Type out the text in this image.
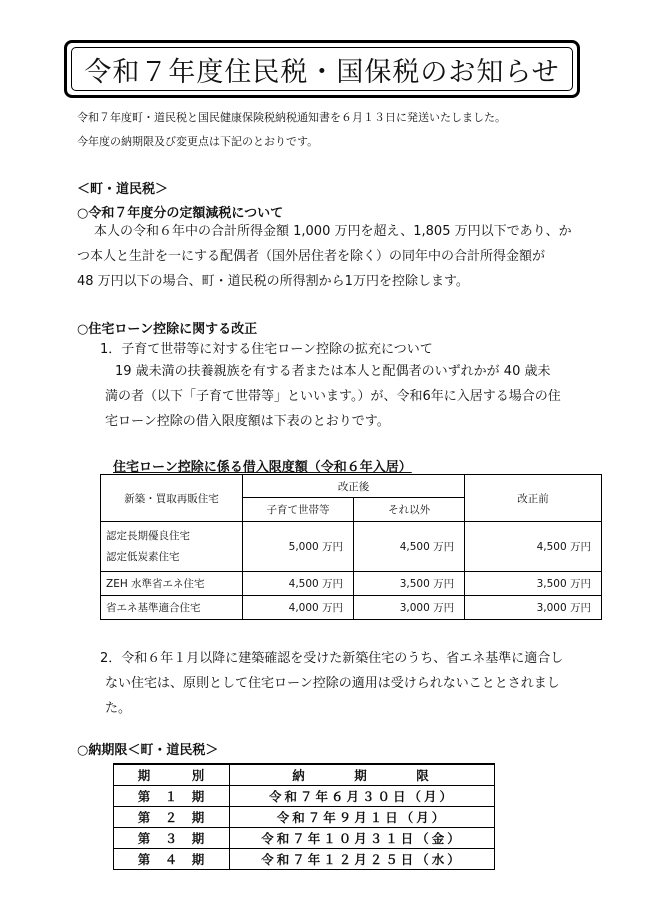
令和７年度住民税・国保税のお知らせ
令和７年度町・道民税と国民健康保険税納税通知書を６月１３日に発送いたしました。
今年度の納期限及び変更点は下記のとおりです。
＜町・道民税＞
○令和７年度分の定額減税について
本人の令和６年中の合計所得金額 1,000 万円を超え、1,805 万円以下であり、か
つ本人と生計を一にする配偶者（国外居住者を除く）の同年中の合計所得金額が
48 万円以下の場合、町・道民税の所得割から1万円を控除します。
○住宅ローン控除に関する改正
1．子育て世帯等に対する住宅ローン控除の拡充について
19 歳未満の扶養親族を有する者または本人と配偶者のいずれかが 40 歳未
満の者（以下「子育て世帯等」といいます。）が、令和6年に入居する場合の住
宅ローン控除の借入限度額は下表のとおりです。
住宅ローン控除に係る借入限度額（令和６年入居）
新築・買取再販住宅	改正後		改正前
	子育て世帯等	それ以外	

認定長期優良住宅
認定低炭素住宅	5,000 万円	4,500 万円	4,500 万円
ZEH 水準省エネ住宅	4,500 万円	3,500 万円	3,500 万円
省エネ基準適合住宅	4,000 万円	3,000 万円	3,000 万円
2．令和６年１月以降に建築確認を受けた新築住宅のうち、省エネ基準に適合し
ない住宅は、原則として住宅ローン控除の適用は受けられないこととされまし
た。
○納期限＜町・道民税＞
期　　　別	納　　　期　　　限
第　１　期	令和７年６月３０日（月）
第　２　期	令和７年９月１日（月）
第　３　期	令和７年１０月３１日（金）
第　４　期	令和７年１２月２５日（水）
